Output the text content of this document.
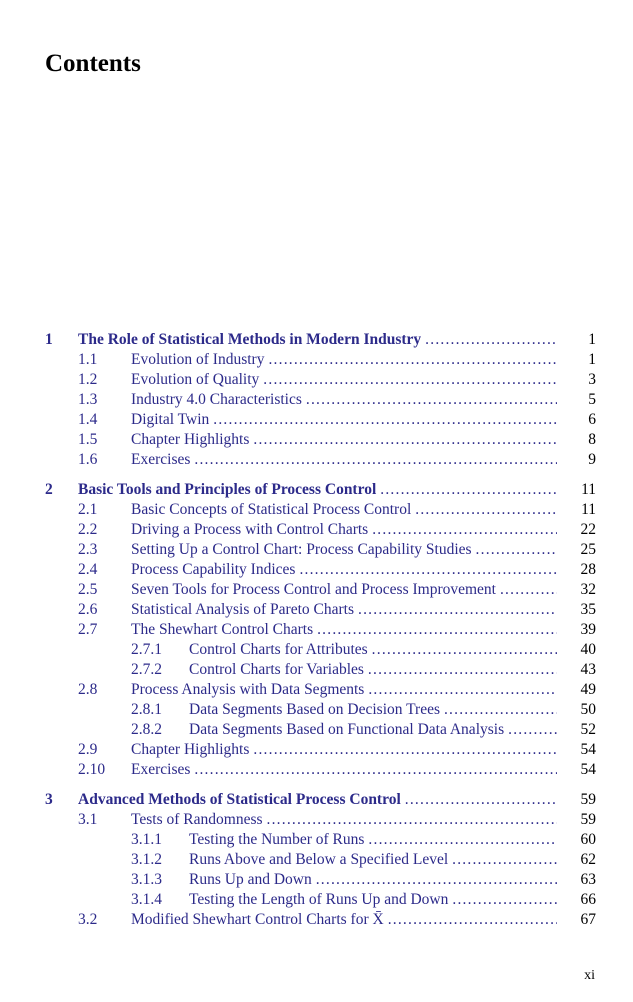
Contents
1 The Role of Statistical Methods in Modern Industry .....	1
1.1 Evolution of Industry .....	1
1.2 Evolution of Quality .....	3
1.3 Industry 4.0 Characteristics .....	5
1.4 Digital Twin .....	6
1.5 Chapter Highlights .....	8
1.6 Exercises .....	9
2 Basic Tools and Principles of Process Control .....	11
2.1 Basic Concepts of Statistical Process Control .....	11
2.2 Driving a Process with Control Charts .....	22
2.3 Setting Up a Control Chart: Process Capability Studies .....	25
2.4 Process Capability Indices .....	28
2.5 Seven Tools for Process Control and Process Improvement .....	32
2.6 Statistical Analysis of Pareto Charts .....	35
2.7 The Shewhart Control Charts .....	39
2.7.1 Control Charts for Attributes .....	40
2.7.2 Control Charts for Variables .....	43
2.8 Process Analysis with Data Segments .....	49
2.8.1 Data Segments Based on Decision Trees .....	50
2.8.2 Data Segments Based on Functional Data Analysis .....	52
2.9 Chapter Highlights .....	54
2.10 Exercises .....	54
3 Advanced Methods of Statistical Process Control .....	59
3.1 Tests of Randomness .....	59
3.1.1 Testing the Number of Runs .....	60
3.1.2 Runs Above and Below a Specified Level .....	62
3.1.3 Runs Up and Down .....	63
3.1.4 Testing the Length of Runs Up and Down .....	66
3.2 Modified Shewhart Control Charts for X̄ .....	67
xi
